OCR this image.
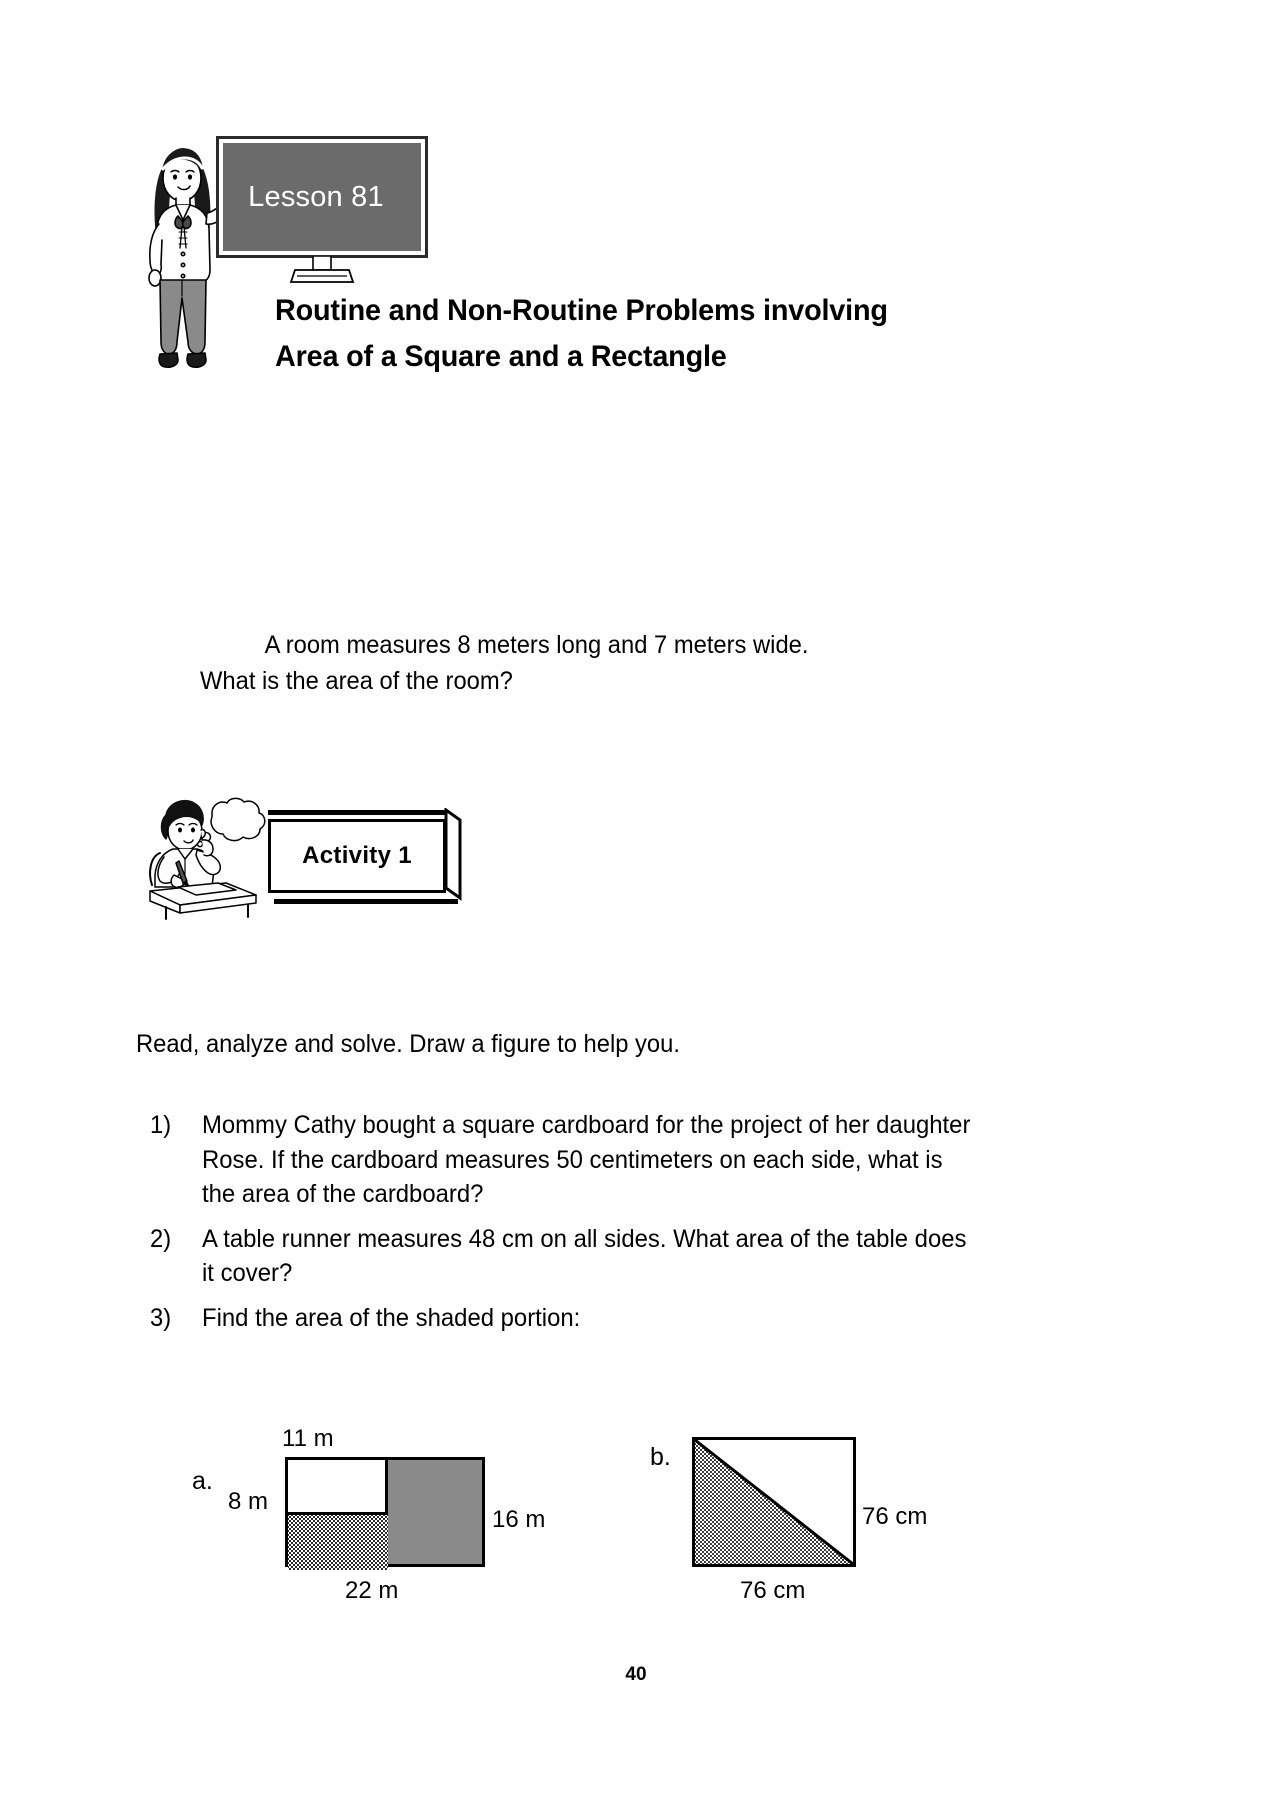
Lesson 81
Routine and Non-Routine Problems involving
Area of a Square and a Rectangle
A room measures 8 meters long and 7 meters wide.
What is the area of the room?
Activity 1
Read, analyze and solve. Draw a figure to help you.
1)	Mommy Cathy bought a square cardboard for the project of her daughter Rose. If the cardboard measures 50 centimeters on each side, what is the area of the cardboard?
2)	A table runner measures 48 cm on all sides. What area of the table does it cover?
3)	Find the area of the shaded portion:
a.
11 m
8 m
16 m
22 m
b.
76 cm
76 cm
40
